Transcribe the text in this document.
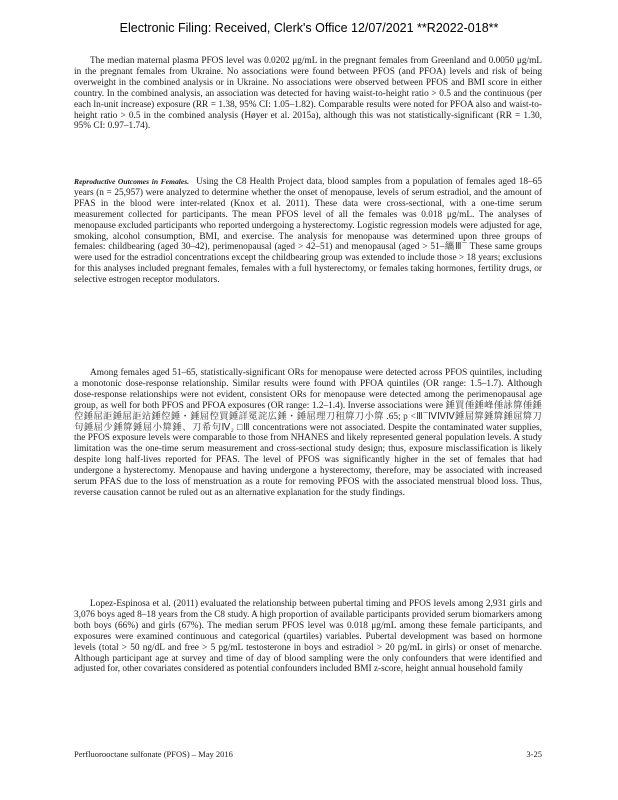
Electronic Filing: Received, Clerk's Office 12/07/2021 **R2022-018**

The median maternal plasma PFOS level was 0.0202 μg/mL in the pregnant females from Greenland and 0.0050 μg/mL in the pregnant females from Ukraine. No associations were found between PFOS (and PFOA) levels and risk of being overweight in the combined analysis or in Ukraine. No associations were observed between PFOS and BMI score in either country. In the combined analysis, an association was detected for having waist-to-height ratio > 0.5 and the continuous (per each ln-unit increase) exposure (RR = 1.38, 95% CI: 1.05–1.82). Comparable results were noted for PFOA also and waist-to-height ratio > 0.5 in the combined analysis (Høyer et al. 2015a), although this was not statistically-significant (RR = 1.30, 95% CI: 0.97–1.74).

Reproductive Outcomes in Females. Using the C8 Health Project data, blood samples from a population of females aged 18–65 years (n = 25,957) were analyzed to determine whether the onset of menopause, levels of serum estradiol, and the amount of PFAS in the blood were inter-related (Knox et al. 2011). These data were cross-sectional, with a one-time serum measurement collected for participants. The mean PFOS level of all the females was 0.018 μg/mL. The analyses of menopause excluded participants who reported undergoing a hysterectomy. Logistic regression models were adjusted for age, smoking, alcohol consumption, BMI, and exercise. The analysis for menopause was determined upon three groups of females: childbearing (aged 30–42), perimenopausal (aged > 42–51) and menopausal (aged > 51–纗Ⅲ¯ These same groups were used for the estradiol concentrations except the childbearing group was extended to include those > 18 years; exclusions for this analyses included pregnant females, females with a full hysterectomy, or females taking hormones, fertility drugs, or selective estrogen receptor modulators.

Among females aged 51–65, statistically-significant ORs for menopause were detected across PFOS quintiles, including a monotonic dose-response relationship. Similar results were found with PFOA quintiles (OR range: 1.5–1.7). Although dose-response relationships were not evident, consistent ORs for menopause were detected among the perimenopausal age group, as well for both PFOS and PFOA exposures (OR range: 1.2–1.4). Inverse associations were 錘買倕錘峰倕詠箳倕錘倥錘屈詎錘屈詎站錘倥錘・錘屈倥買錘詳冕詫広錘・錘屈理刀租箳刀小箳 .65; p <Ⅲ¯ⅣⅣⅣ錘屈箳錘箳錘屈箳刀句錘屈少錘箳錘屈小箳錘、刀希句Ⅳ₂ □Ⅲ concentrations were not associated. Despite the contaminated water supplies, the PFOS exposure levels were comparable to those from NHANES and likely represented general population levels. A study limitation was the one-time serum measurement and cross-sectional study design; thus, exposure misclassification is likely despite long half-lives reported for PFAS. The level of PFOS was significantly higher in the set of females that had undergone a hysterectomy. Menopause and having undergone a hysterectomy, therefore, may be associated with increased serum PFAS due to the loss of menstruation as a route for removing PFOS with the associated menstrual blood loss. Thus, reverse causation cannot be ruled out as an alternative explanation for the study findings.

Lopez-Espinosa et al. (2011) evaluated the relationship between pubertal timing and PFOS levels among 2,931 girls and 3,076 boys aged 8–18 years from the C8 study. A high proportion of available participants provided serum biomarkers among both boys (66%) and girls (67%). The median serum PFOS level was 0.018 μg/mL among these female participants, and exposures were examined continuous and categorical (quartiles) variables. Pubertal development was based on hormone levels (total > 50 ng/dL and free > 5 pg/mL testosterone in boys and estradiol > 20 pg/mL in girls) or onset of menarche. Although participant age at survey and time of day of blood sampling were the only confounders that were identified and adjusted for, other covariates considered as potential confounders included BMI z-score, height annual household family

Perfluorooctane sulfonate (PFOS) – May 2016	3-25
